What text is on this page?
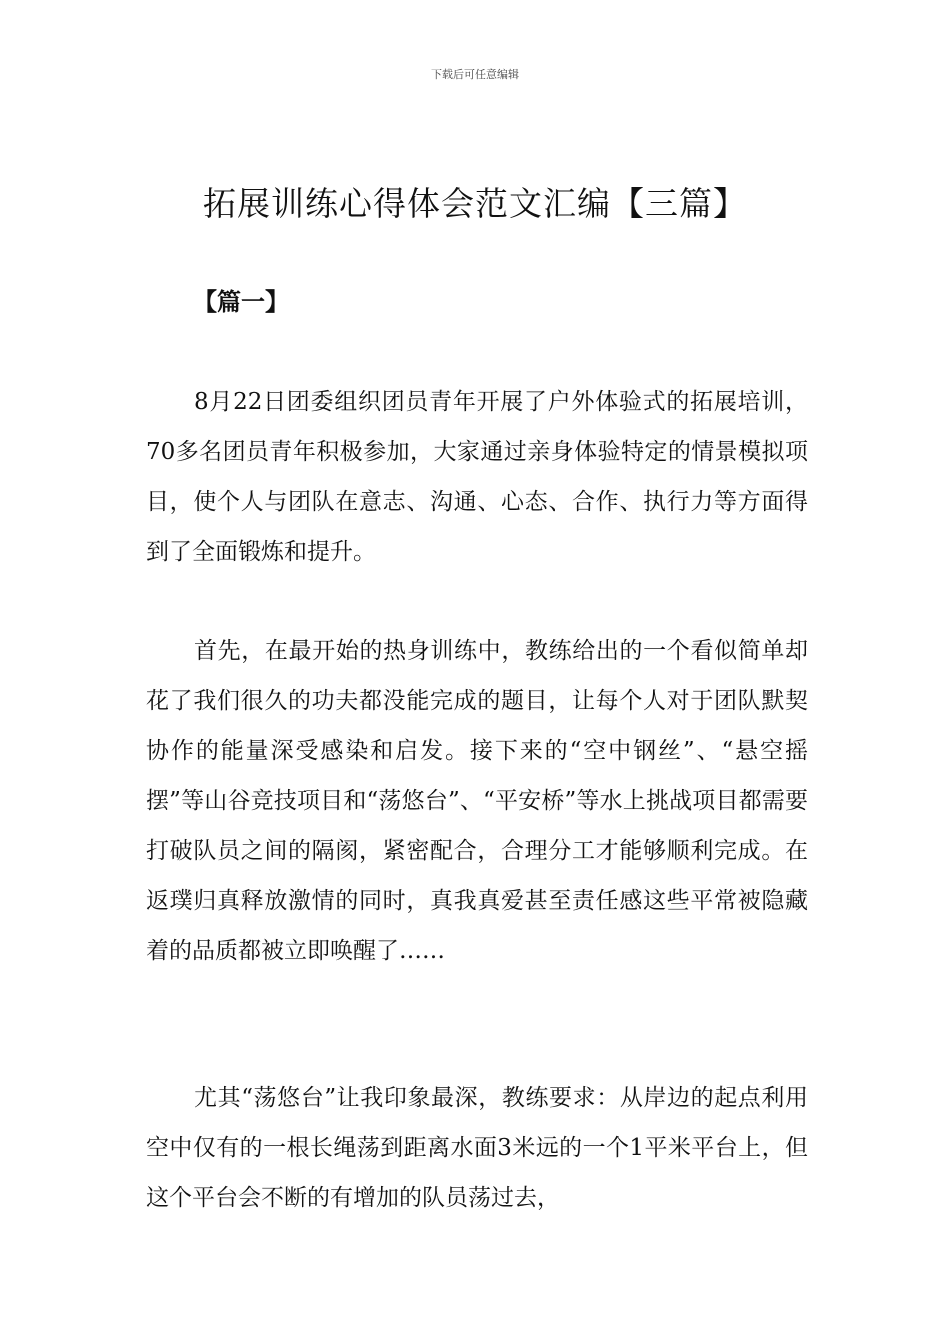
下载后可任意编辑
拓展训练心得体会范文汇编【三篇】
【篇一】

8月22日团委组织团员青年开展了户外体验式的拓展培训，70多名团员青年积极参加，大家通过亲身体验特定的情景模拟项目，使个人与团队在意志、沟通、心态、合作、执行力等方面得到了全面锻炼和提升。

首先，在最开始的热身训练中，教练给出的一个看似简单却花了我们很久的功夫都没能完成的题目，让每个人对于团队默契协作的能量深受感染和启发。接下来的“空中钢丝”、“悬空摇摆”等山谷竞技项目和“荡悠台”、“平安桥”等水上挑战项目都需要打破队员之间的隔阂，紧密配合，合理分工才能够顺利完成。在返璞归真释放激情的同时，真我真爱甚至责任感这些平常被隐藏着的品质都被立即唤醒了……

尤其“荡悠台”让我印象最深，教练要求：从岸边的起点利用空中仅有的一根长绳荡到距离水面3米远的一个1平米平台上，但这个平台会不断的有增加的队员荡过去，
